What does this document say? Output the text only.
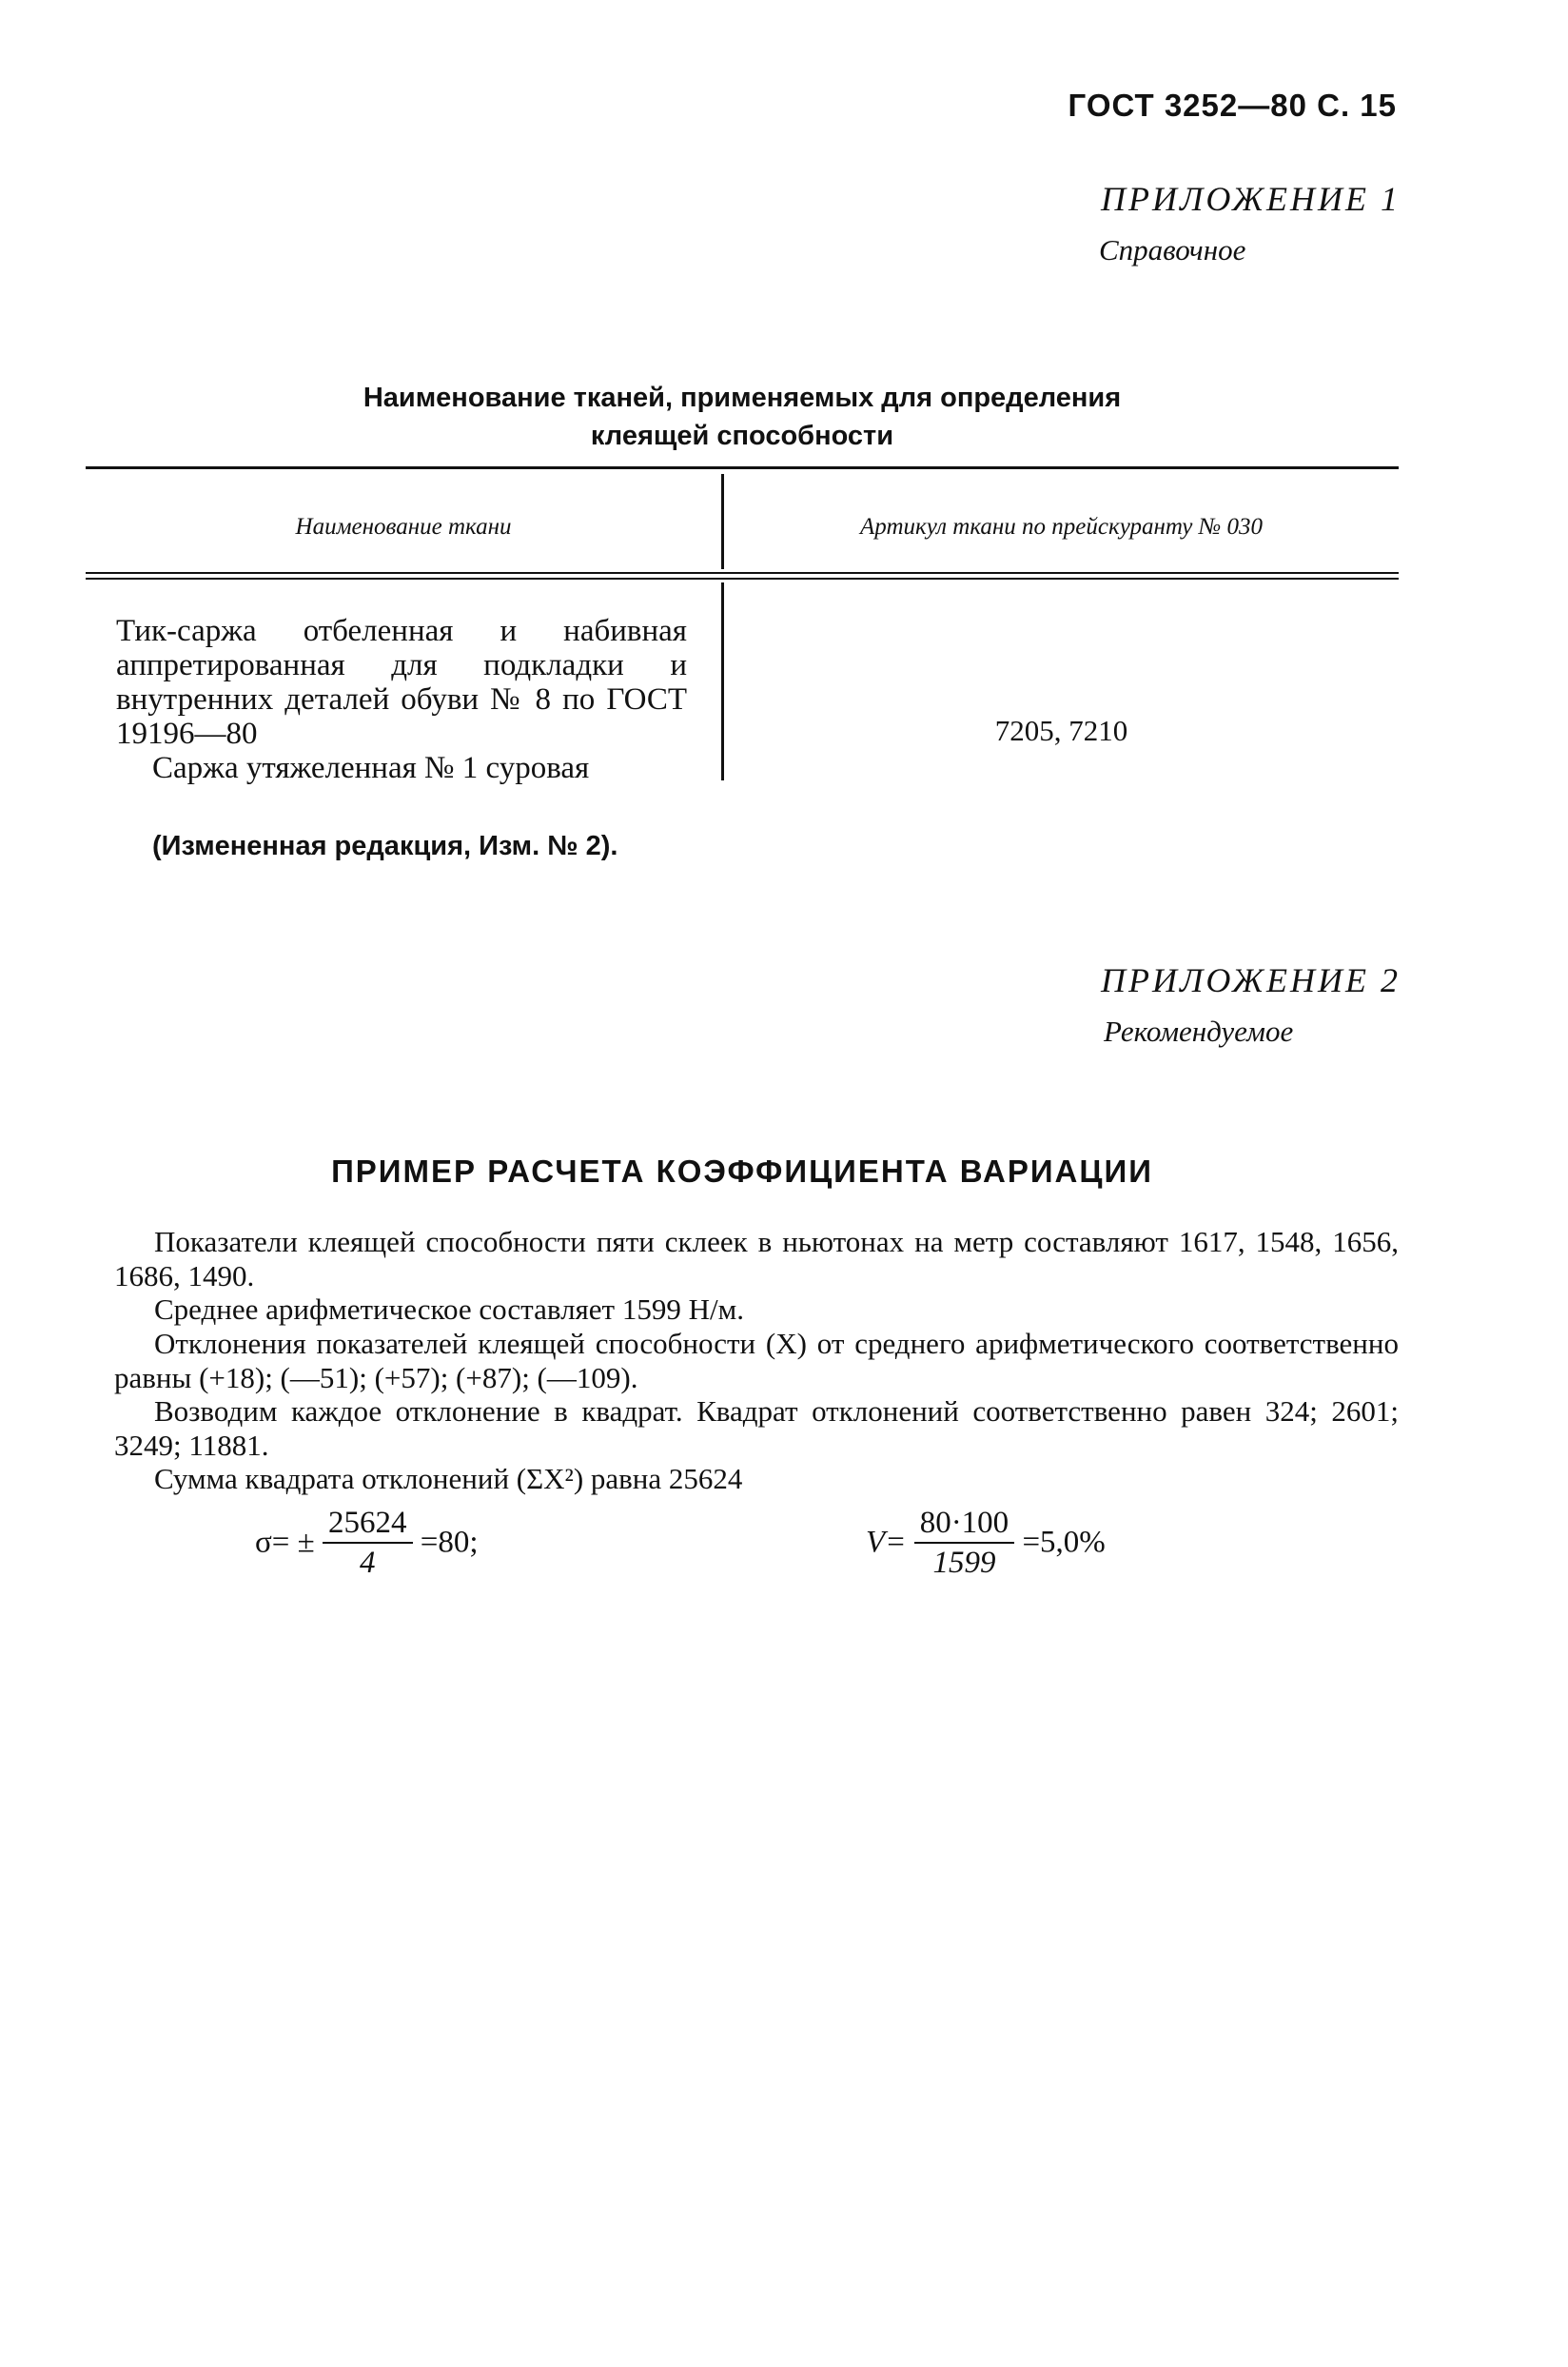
ГОСТ 3252—80 С. 15
ПРИЛОЖЕНИЕ 1
Справочное
Наименование тканей, применяемых для определения
клеящей способности
Наименование ткани	Артикул ткани по прейскуранту № 030
Тик-саржа отбеленная и набивная аппретированная для подкладки и внутренних деталей обуви № 8 по ГОСТ 19196—80
Саржа утяжеленная № 1 суровая
7205, 7210
(Измененная редакция, Изм. № 2).
ПРИЛОЖЕНИЕ 2
Рекомендуемое
ПРИМЕР РАСЧЕТА КОЭФФИЦИЕНТА ВАРИАЦИИ

Показатели клеящей способности пяти склеек в ньютонах на метр составляют 1617, 1548, 1656, 1686, 1490.

Среднее арифметическое составляет 1599 Н/м.

Отклонения показателей клеящей способности (X) от среднего арифметического соответственно равны (+18); (—51); (+57); (+87); (—109).

Возводим каждое отклонение в квадрат. Квадрат отклонений соответственно равен 324; 2601; 3249; 11881.

Сумма квадрата отклонений (ΣX²) равна 25624

$\sigma= \pm \frac{25624}{4} =80$;	$V= \frac{80\cdot 100}{1599} =5,0\%$
